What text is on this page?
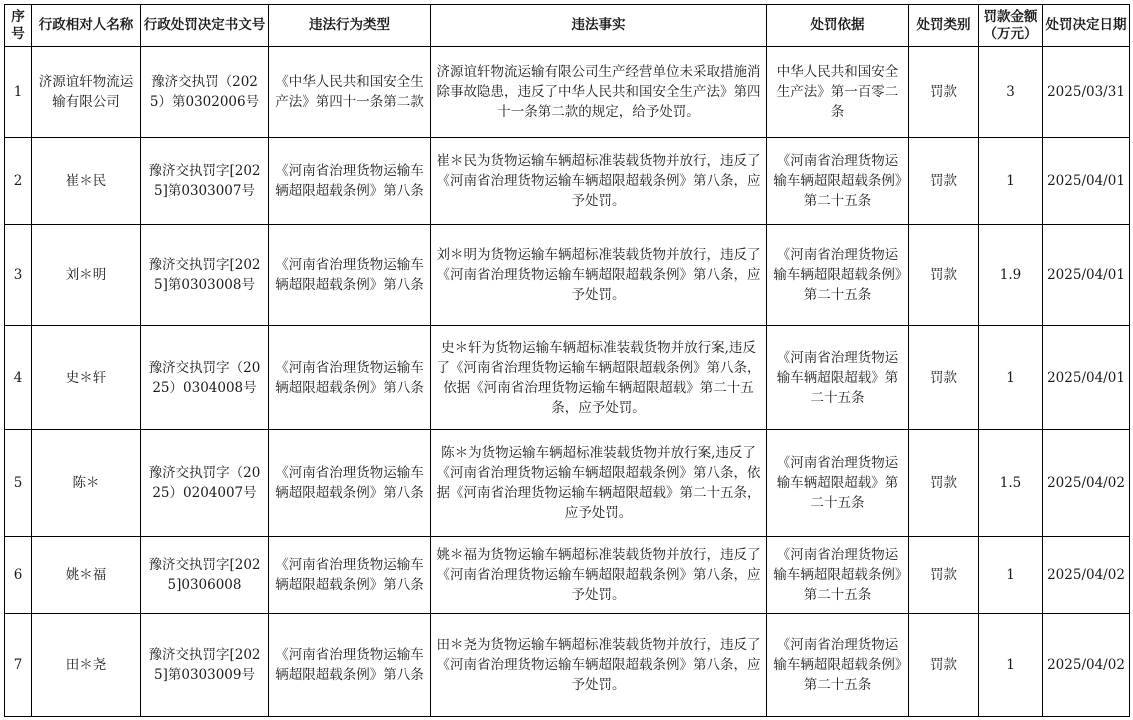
序号	行政相对人名称	行政处罚决定书文号	违法行为类型	违法事实	处罚依据	处罚类别	罚款金额（万元）	处罚决定日期
1	济源谊轩物流运输有限公司	豫济交执罚（2025）第0302006号	《中华人民共和国安全生产法》第四十一条第二款	济源谊轩物流运输有限公司生产经营单位未采取措施消除事故隐患，违反了中华人民共和国安全生产法》第四十一条第二款的规定，给予处罚。	中华人民共和国安全生产法》第一百零二条	罚款	3	2025/03/31
2	崔＊民	豫济交执罚字[2025]第0303007号	《河南省治理货物运输车辆超限超载条例》第八条	崔＊民为货物运输车辆超标准装载货物并放行，违反了《河南省治理货物运输车辆超限超载条例》第八条，应予处罚。	《河南省治理货物运输车辆超限超载条例》第二十五条	罚款	1	2025/04/01
3	刘＊明	豫济交执罚字[2025]第0303008号	《河南省治理货物运输车辆超限超载条例》第八条	刘＊明为货物运输车辆超标准装载货物并放行，违反了《河南省治理货物运输车辆超限超载条例》第八条，应予处罚。	《河南省治理货物运输车辆超限超载条例》第二十五条	罚款	1.9	2025/04/01
4	史＊轩	豫济交执罚字（2025）0304008号	《河南省治理货物运输车辆超限超载条例》第八条	史＊轩为货物运输车辆超标准装载货物并放行案,违反了《河南省治理货物运输车辆超限超载条例》第八条，依据《河南省治理货物运输车辆超限超载》第二十五条，应予处罚。	《河南省治理货物运输车辆超限超载》第二十五条	罚款	1	2025/04/01
5	陈＊	豫济交执罚字（2025）0204007号	《河南省治理货物运输车辆超限超载条例》第八条	陈＊为货物运输车辆超标准装载货物并放行案,违反了《河南省治理货物运输车辆超限超载条例》第八条，依据《河南省治理货物运输车辆超限超载》第二十五条，应予处罚。	《河南省治理货物运输车辆超限超载》第二十五条	罚款	1.5	2025/04/02
6	姚＊福	豫济交执罚字[2025]0306008	《河南省治理货物运输车辆超限超载条例》第八条	姚＊福为货物运输车辆超标准装载货物并放行，违反了《河南省治理货物运输车辆超限超载条例》第八条，应予处罚。	《河南省治理货物运输车辆超限超载条例》第二十五条	罚款	1	2025/04/02
7	田＊尧	豫济交执罚字[2025]第0303009号	《河南省治理货物运输车辆超限超载条例》第八条	田＊尧为货物运输车辆超标准装载货物并放行，违反了《河南省治理货物运输车辆超限超载条例》第八条，应予处罚。	《河南省治理货物运输车辆超限超载条例》第二十五条	罚款	1	2025/04/02
